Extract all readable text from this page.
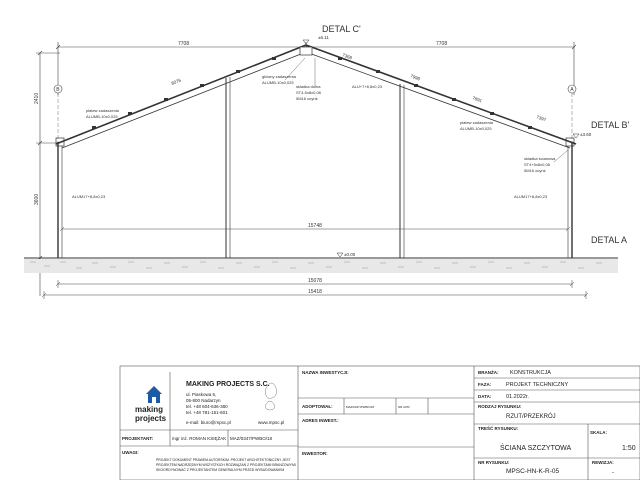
DETAL C'
DETAL B'
DETAL A
7708	7708
2410
3600
B	A
15748
15078
15418
8076
7368
7998
7891
7397
±6.11
±3.60
±0.00
główny zadaszenia
ALUMB-10x0,025
skladka dolna
ST4-5x8x0,08
5M16 ocynk
płatew zadaszenia
ALUMB-10x0,025
ALU+7+8,8x0,23
płatew zadaszenia
ALUMB-10x0,025
ALUM17+8,8x0,23	ALUM17+8,8x0,23
skladka ścianowa
ST4+5x8x0,08
5M16 ocynk
making
projects
MAKING PROJECTS S.C.
ul. Piaskowa 5,
05-800 Nadarzyn
tel. +48 604-636-380
tel. +48 781-151-601
e-mail: biuro@mpsc.pl	www.mpsc.pl
PROJEKTANT:	mgr inż. ROMAN KSIĘŻAK MAZ/0347/PWBO/18
UWAGI:
PROJEKT DOKUMENT PRAWEM AUTORSKIM. PROJEKT ARCHITEKTONICZNY JEST
PROJEKTEM NADRZĘDNYM WSZYSTKICH ROZWIĄZAŃ Z PROJEKTAMI BRANŻOWYMI
SKOORDYNOWAĆ Z PROJEKTANTEM GENERALNYM PRZED WYBUDOWANIEM
NAZWA INWESTYCJI:
ADOPTOWAŁ:	MAZ/0347/PWBO/18	NR UPR.
ADRES INWEST.:
INWESTOR:
BRANŻA: KONSTRUKCJA
FAZA:	PROJEKT TECHNICZNY
DATA:	01.2022r.
RODZAJ RYSUNKU:
RZUT/PRZEKRÓJ
TREŚĆ RYSUNKU:
ŚCIANA SZCZYTOWA
NR RYSUNKU:
MPSC-HN-K-R-05
SKALA:
1:50
REWIZJA:
-
